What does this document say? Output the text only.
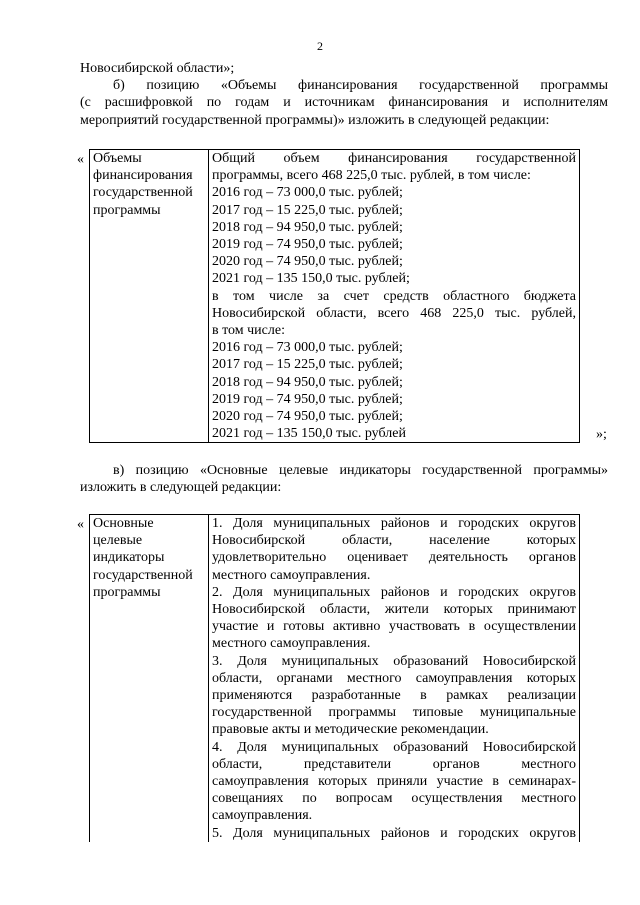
2
Новосибирской области»;
б) позицию «Объемы финансирования государственной программы
(с расшифровкой по годам и источникам финансирования и исполнителям
мероприятий государственной программы)» изложить в следующей редакции:
« Объемы
финансирования
государственной
программы

Общий объем финансирования государственной
программы, всего 468 225,0 тыс. рублей, в том числе:
2016 год – 73 000,0 тыс. рублей;
2017 год – 15 225,0 тыс. рублей;
2018 год – 94 950,0 тыс. рублей;
2019 год – 74 950,0 тыс. рублей;
2020 год – 74 950,0 тыс. рублей;
2021 год – 135 150,0 тыс. рублей;
в том числе за счет средств областного бюджета
Новосибирской области, всего 468 225,0 тыс. рублей,
в том числе:
2016 год – 73 000,0 тыс. рублей;
2017 год – 15 225,0 тыс. рублей;
2018 год – 94 950,0 тыс. рублей;
2019 год – 74 950,0 тыс. рублей;
2020 год – 74 950,0 тыс. рублей;
2021 год – 135 150,0 тыс. рублей	»;
в) позицию «Основные целевые индикаторы государственной программы»
изложить в следующей редакции:
« Основные
целевые
индикаторы
государственной
программы

1. Доля муниципальных районов и городских округов
Новосибирской области, население которых
удовлетворительно оценивает деятельность органов
местного самоуправления.
2. Доля муниципальных районов и городских округов
Новосибирской области, жители которых принимают
участие и готовы активно участвовать в осуществлении
местного самоуправления.
3. Доля муниципальных образований Новосибирской
области, органами местного самоуправления которых
применяются разработанные в рамках реализации
государственной программы типовые муниципальные
правовые акты и методические рекомендации.
4. Доля муниципальных образований Новосибирской
области, представители органов местного
самоуправления которых приняли участие в семинарах-
совещаниях по вопросам осуществления местного
самоуправления.
5. Доля муниципальных районов и городских округов
